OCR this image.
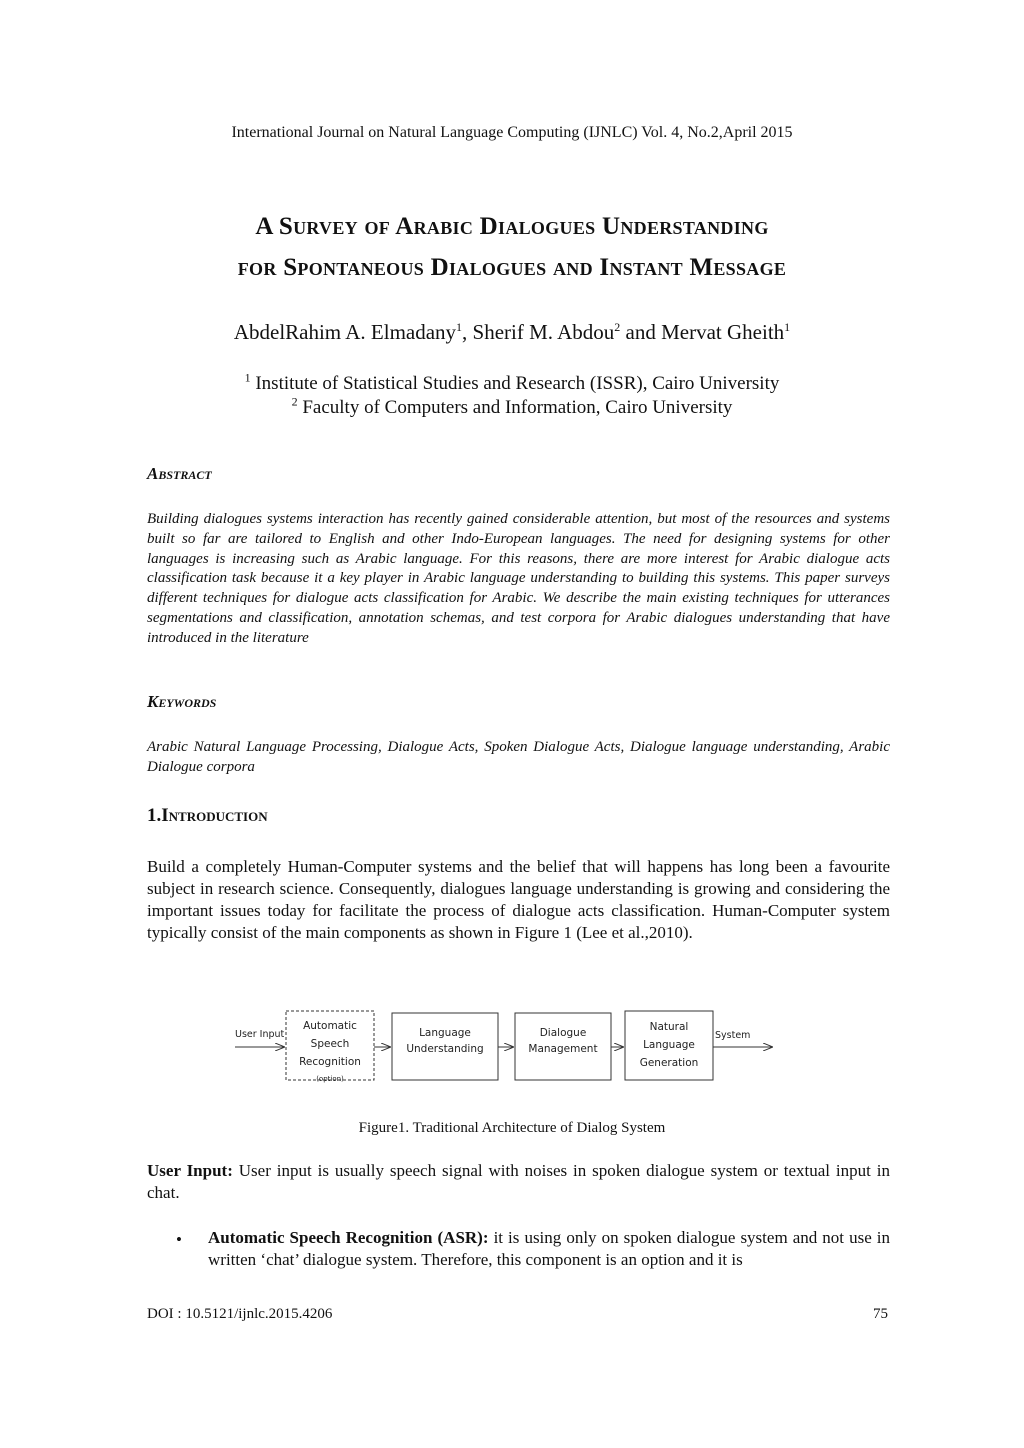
International Journal on Natural Language Computing (IJNLC) Vol. 4, No.2,April 2015
A Survey of Arabic Dialogues Understanding
for Spontaneous Dialogues and Instant Message
AbdelRahim A. Elmadany$^1$, Sherif M. Abdou$^2$ and Mervat Gheith$^1$
$^1$ Institute of Statistical Studies and Research (ISSR), Cairo University
$^2$ Faculty of Computers and Information, Cairo University
Abstract
Building dialogues systems interaction has recently gained considerable attention, but most of the resources and systems built so far are tailored to English and other Indo-European languages. The need for designing systems for other languages is increasing such as Arabic language. For this reasons, there are more interest for Arabic dialogue acts classification task because it a key player in Arabic language understanding to building this systems. This paper surveys different techniques for dialogue acts classification for Arabic. We describe the main existing techniques for utterances segmentations and classification, annotation schemas, and test corpora for Arabic dialogues understanding that have introduced in the literature
Keywords
Arabic Natural Language Processing, Dialogue Acts, Spoken Dialogue Acts, Dialogue language understanding, Arabic Dialogue corpora
1.Introduction
Build a completely Human-Computer systems and the belief that will happens has long been a favourite subject in research science. Consequently, dialogues language understanding is growing and considering the important issues today for facilitate the process of dialogue acts classification. Human-Computer system typically consist of the main components as shown in Figure 1 (Lee et al.,2010).
User Input
Automatic
Speech
Recognition
(option)
Language
Understanding
Dialogue
Management
Natural
Language
Generation
System
Figure1. Traditional Architecture of Dialog System
User Input: User input is usually speech signal with noises in spoken dialogue system or textual input in chat.
• Automatic Speech Recognition (ASR): it is using only on spoken dialogue system and not use in written ‘chat’ dialogue system. Therefore, this component is an option and it is
DOI : 10.5121/ijnlc.2015.4206	75
